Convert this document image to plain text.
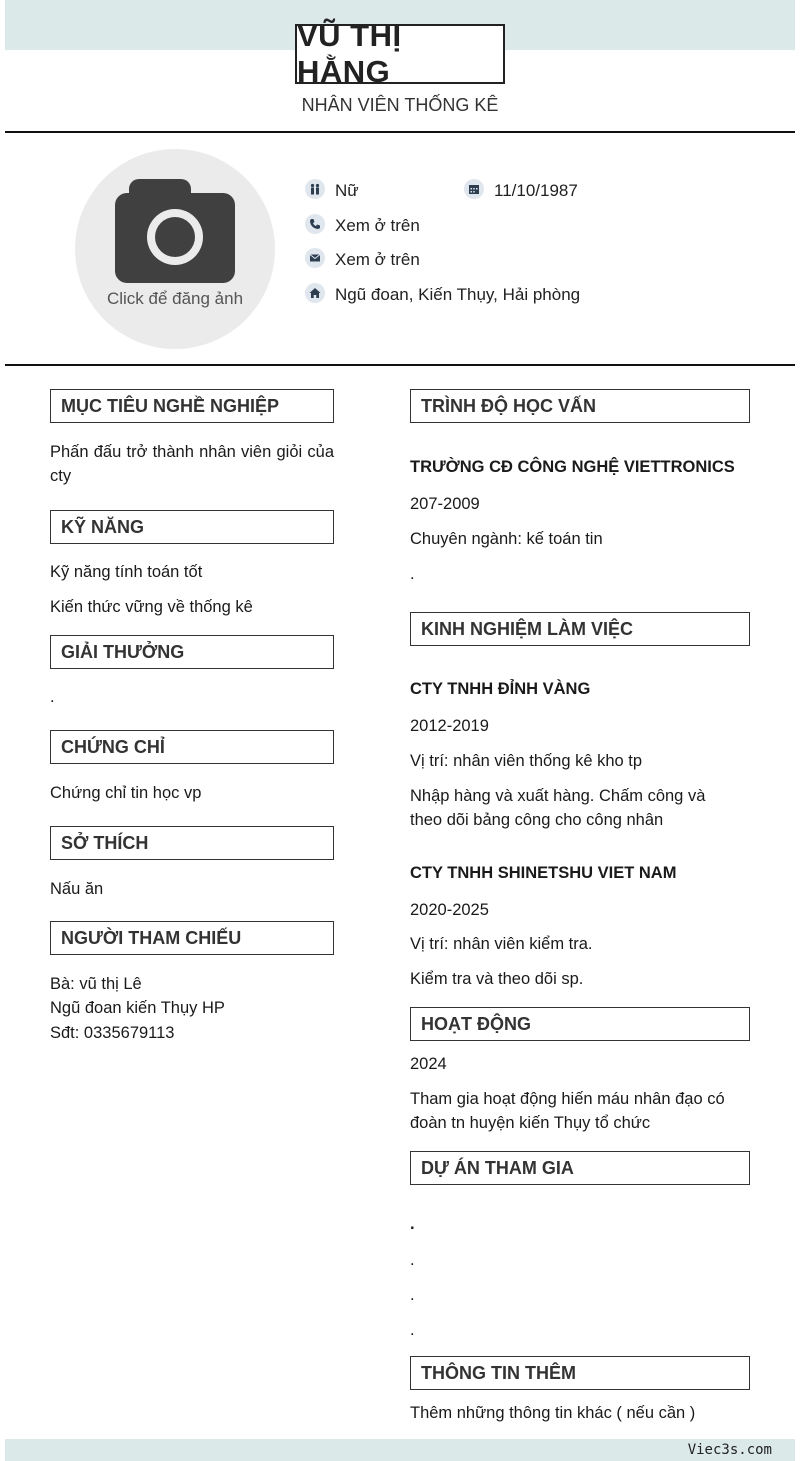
VŨ THỊ HẰNG
NHÂN VIÊN THỐNG KÊ
Click để đăng ảnh
Nữ	11/10/1987
Xem ở trên
Xem ở trên
Ngũ đoan, Kiến Thụy, Hải phòng
MỤC TIÊU NGHỀ NGHIỆP
Phấn đấu trở thành nhân viên giỏi của cty
KỸ NĂNG
Kỹ năng tính toán tốt
Kiến thức vững về thống kê
GIẢI THƯỞNG
.
CHỨNG CHỈ
Chứng chỉ tin học vp
SỞ THÍCH
Nấu ăn
NGƯỜI THAM CHIẾU
Bà: vũ thị Lê
Ngũ đoan kiến Thụy HP
Sđt: 0335679113
TRÌNH ĐỘ HỌC VẤN
TRƯỜNG CĐ CÔNG NGHỆ VIETTRONICS
207-2009
Chuyên ngành: kế toán tin
.
KINH NGHIỆM LÀM VIỆC
CTY TNHH ĐỈNH VÀNG
2012-2019
Vị trí: nhân viên thống kê kho tp
Nhập hàng và xuất hàng. Chấm công và theo dõi bảng công cho công nhân
CTY TNHH SHINETSHU VIET NAM
2020-2025
Vị trí: nhân viên kiểm tra.
Kiểm tra và theo dõi sp.
HOẠT ĐỘNG
2024
Tham gia hoạt động hiến máu nhân đạo có đoàn tn huyện kiến Thụy tổ chức
DỰ ÁN THAM GIA
.
.
.
.
THÔNG TIN THÊM
Thêm những thông tin khác ( nếu cần )
Viec3s.com
